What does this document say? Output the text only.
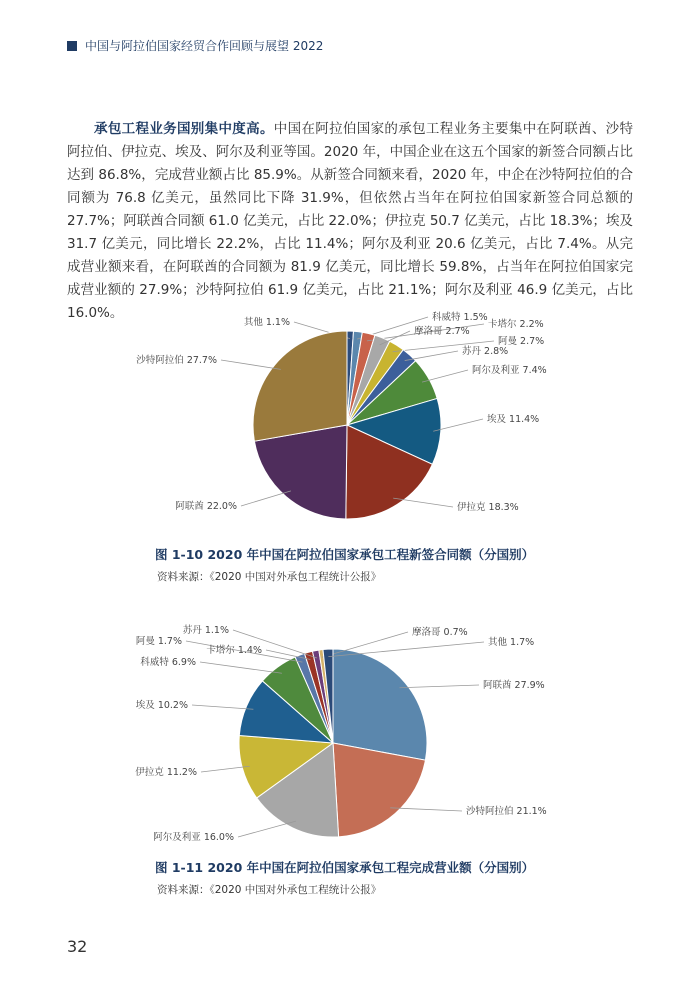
中国与阿拉伯国家经贸合作回顾与展望 2022
承包工程业务国别集中度高。中国在阿拉伯国家的承包工程业务主要集中在阿联酋、沙特阿拉伯、伊拉克、埃及、阿尔及利亚等国。2020 年，中国企业在这五个国家的新签合同额占比达到 86.8%，完成营业额占比 85.9%。从新签合同额来看，2020 年，中企在沙特阿拉伯的合同额为 76.8 亿美元，虽然同比下降 31.9%，但依然占当年在阿拉伯国家新签合同总额的 27.7%；阿联酋合同额 61.0 亿美元，占比 22.0%；伊拉克 50.7 亿美元，占比 18.3%；埃及 31.7 亿美元，同比增长 22.2%，占比 11.4%；阿尔及利亚 20.6 亿美元，占比 7.4%。从完成营业额来看，在阿联酋的合同额为 81.9 亿美元，同比增长 59.8%，占当年在阿拉伯国家完成营业额的 27.9%；沙特阿拉伯 61.9 亿美元，占比 21.1%；阿尔及利亚 46.9 亿美元，占比 16.0%。
其他 1.1%	科威特 1.5%
卡塔尔 2.2%
摩洛哥 2.7%
阿曼 2.7%
苏丹 2.8%
阿尔及利亚 7.4%
埃及 11.4%
伊拉克 18.3%
阿联酋 22.0%
沙特阿拉伯 27.7%
图 1-10 2020 年中国在阿拉伯国家承包工程新签合同额（分国别）
资料来源：《2020 中国对外承包工程统计公报》
阿联酋 27.9%
沙特阿拉伯 21.1%
阿尔及利亚 16.0%
伊拉克 11.2%
埃及 10.2%
科威特 6.9%
阿曼 1.7%
卡塔尔 1.4%
苏丹 1.1%	摩洛哥 0.7%
其他 1.7%
图 1-11 2020 年中国在阿拉伯国家承包工程完成营业额（分国别）
资料来源：《2020 中国对外承包工程统计公报》
32
